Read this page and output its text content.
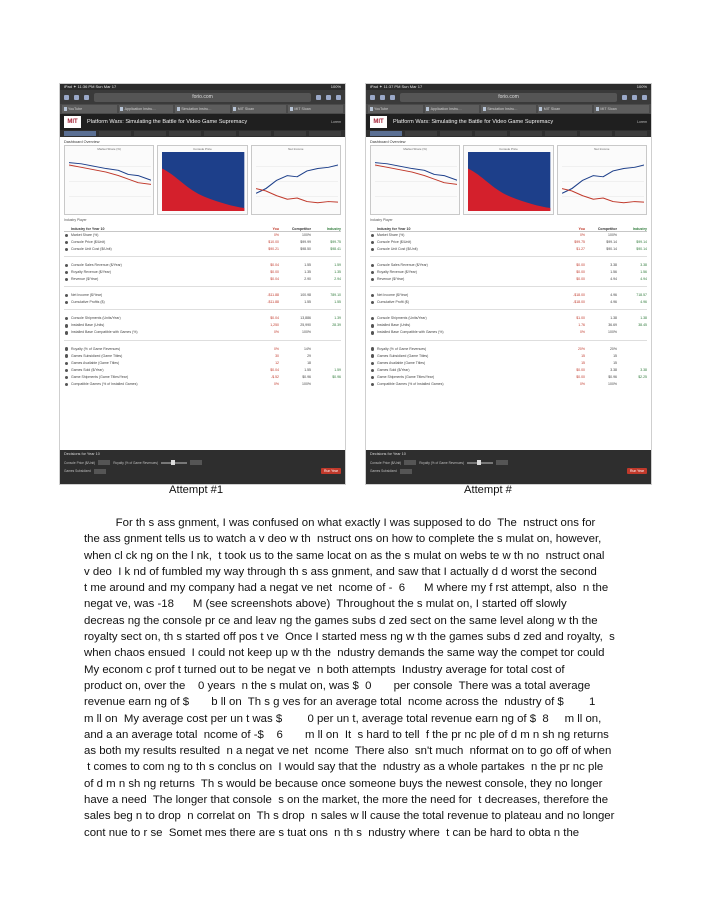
iPad ✦ 11:36 PM Sun Mar 17	100%
forio.com
YouTube	Application Instru…	Simulation Instru…	MIT Sloan	MIT Sloan
MIT	Platform Wars: Simulating the Battle for Video Game Supremacy	Lorem
Dashboard Overview
Market Share (%)	Console Price	Net Income
Industry Player
Industry for Year 10	You	Competitor	Industry
Market Share (%)	0%	100%
Console Price ($/Unit)	$10.00	$99.99	$99.75
Console Unit Cost ($/Unit)	$90.21	$98.50	$98.41
Console Sales Revenue ($/Year)	$0.04	1.55	1.59
Royalty Revenue ($/Year)	$0.00	1.35	1.35
Revenue ($/Year)	$0.04	2.90	2.94
Net Income ($/Year)	-$11.88	100.98	789.10
Cumulative Profits ($)	-$11.88	1.55	1.55
Console Shipments (Units/Year)	$0.04	13,886	1.39
Installed Base (Units)	1,250	25,990	28.39
Installed Base Compatible with Games (%)	0%	100%
Royalty (% of Game Revenues)	0%	14%
Games Subsidized (Game Titles)	30	29
Games Available (Game Titles)	12	18
Games Sold ($/Year)	$0.04	1.55	1.59
Game Shipments (Game Titles/Year)	-$.52	$0.96	$0.96
Compatible Games (% of Installed Games)	0%	100%
Decisions for Year 10
Console Price ($/Unit)	Royalty (% of Game Revenues)
Games Subsidized	Run Year
iPad ✦ 11:37 PM Sun Mar 17	100%
forio.com
YouTube	Application Instru…	Simulation Instru…	MIT Sloan	MIT Sloan
MIT	Platform Wars: Simulating the Battle for Video Game Supremacy	Lorem
Dashboard Overview
Market Share (%)	Console Price	Net Income
Industry Player
Industry for Year 10	You	Competitor	Industry
Market Share (%)	0%	100%
Console Price ($/Unit)	$99.75	$99.14	$99.14
Console Unit Cost ($/Unit)	$1.27	$90.14	$90.14
Console Sales Revenue ($/Year)	$0.00	3.38	3.38
Royalty Revenue ($/Year)	$0.00	1.56	1.56
Revenue ($/Year)	$0.00	4.94	4.94
Net Income ($/Year)	-$18.00	4.96	718.57
Cumulative Profit ($)	-$18.00	4.96	4.96
Console Shipments (Units/Year)	$1.00	1.38	1.38
Installed Base (Units)	1.76	36.69	38.45
Installed Base Compatible with Games (%)	0%	100%
Royalty (% of Game Revenues)	20%	20%
Games Subsidized (Game Titles)	15	15
Games Available (Game Titles)	15	15
Games Sold ($/Year)	$0.00	3.38	3.38
Game Shipments (Game Titles/Year)	$0.00	$0.96	$2.25
Compatible Games (% of Installed Games)	0%	100%
Decisions for Year 10
Console Price ($/Unit)	Royalty (% of Game Revenues)
Games Subsidized	Run Year
Attempt #1	Attempt #
For th s ass gnment, I was confused on what exactly I was supposed to do  The  nstruct ons for
the ass gnment tells us to watch a v deo w th  nstruct ons on how to complete the s mulat on, however,
when cl ck ng on the l nk,  t took us to the same locat on as the s mulat on webs te w th no  nstruct onal
v deo  I k nd of fumbled my way through th s ass gnment, and saw that I actually d d worst the second
t me around and my company had a negat ve net  ncome of -  6      M where my f rst attempt, also  n the
negat ve, was -18      M (see screenshots above)  Throughout the s mulat on, I started off slowly
decreas ng the console pr ce and leav ng the games subs d zed sect on the same level along w th the
royalty sect on, th s started off pos t ve  Once I started mess ng w th the games subs d zed and royalty,  s
when chaos ensued  I could not keep up w th the  ndustry demands the same way the compet tor could
My econom c prof t turned out to be negat ve  n both attempts  Industry average for total cost of
product on, over the    0 years  n the s mulat on, was $  0       per console  There was a total average
revenue earn ng of $       b ll on  Th s g ves for an average total  ncome across the  ndustry of $        1
m ll on  My average cost per un t was $        0 per un t, average total revenue earn ng of $  8     m ll on,
and a an average total  ncome of -$    6       m ll on  It  s hard to tell  f the pr nc ple of d m n sh ng returns
as both my results resulted  n a negat ve net  ncome  There also  sn't much  nformat on to go off of when
t comes to com ng to th s conclus on  I would say that the  ndustry as a whole partakes  n the pr nc ple
of d m n sh ng returns  Th s would be because once someone buys the newest console, they no longer
have a need  The longer that console  s on the market, the more the need for  t decreases, therefore the
sales beg n to drop  n correlat on  Th s drop  n sales w ll cause the total revenue to plateau and no longer
cont nue to r se  Somet mes there are s tuat ons  n th s  ndustry where  t can be hard to obta n the
